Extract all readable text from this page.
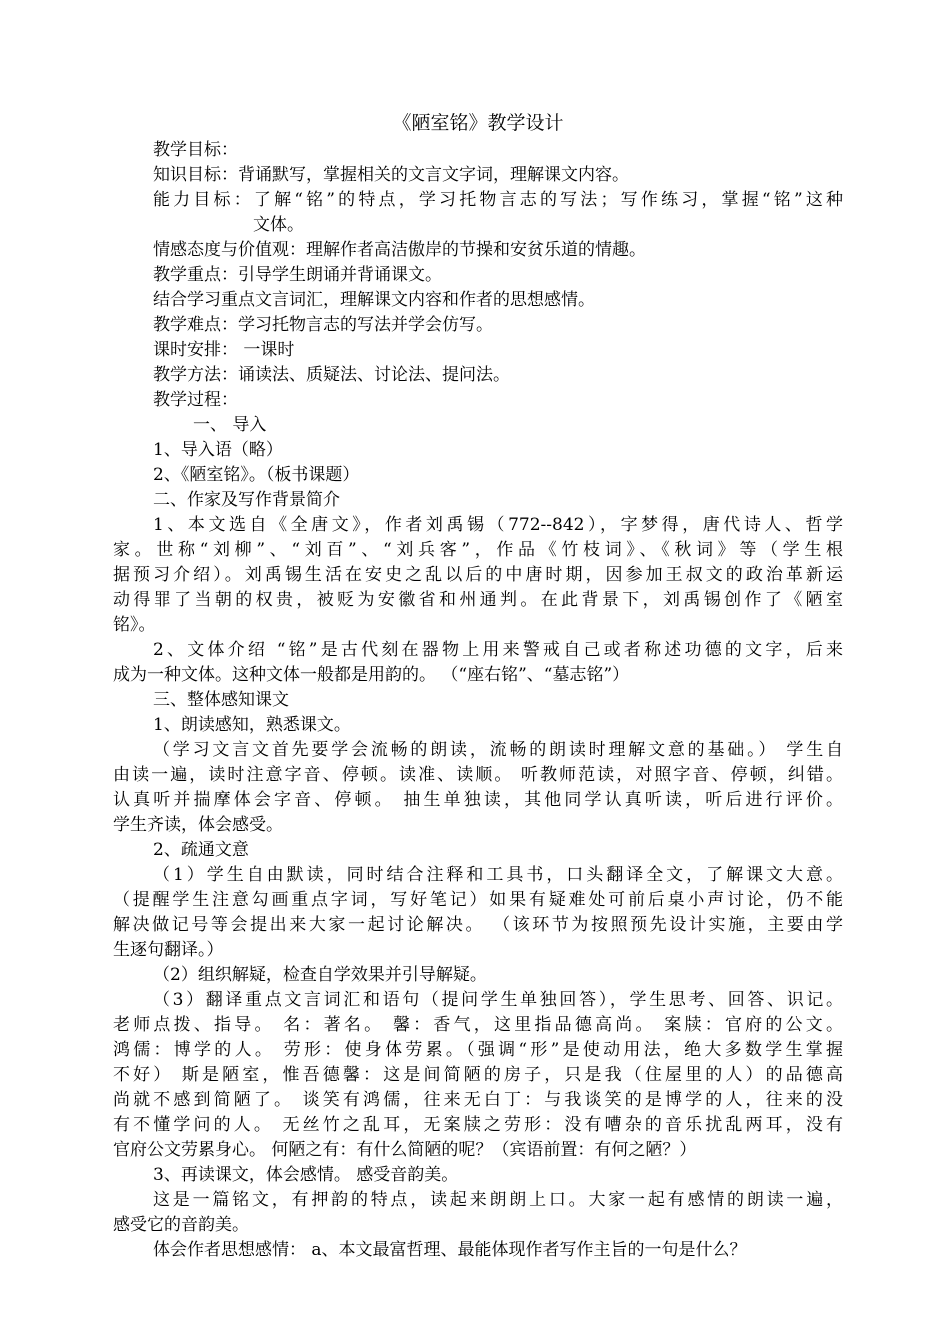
《陋室铭》教学设计
教学目标：
知识目标：背诵默写，掌握相关的文言文字词，理解课文内容。
能力目标：了解“铭”的特点，学习托物言志的写法；写作练习，掌握“铭”这种
文体。
情感态度与价值观：理解作者高洁傲岸的节操和安贫乐道的情趣。
教学重点：引导学生朗诵并背诵课文。
结合学习重点文言词汇，理解课文内容和作者的思想感情。
教学难点：学习托物言志的写法并学会仿写。
课时安排： 一课时
教学方法：诵读法、质疑法、讨论法、提问法。
教学过程：
一、 导入
1、导入语（略）
2、《陋室铭》。（板书课题）
二、作家及写作背景简介
1、本文选自《全唐文》，作者刘禹锡（772--842），字梦得，唐代诗人、哲学
家。世称“刘柳”、“刘百”、“刘兵客”，作品《竹枝词》、《秋词》等（学生根
据预习介绍）。刘禹锡生活在安史之乱以后的中唐时期，因参加王叔文的政治革新运
动得罪了当朝的权贵，被贬为安徽省和州通判。在此背景下，刘禹锡创作了《陋室
铭》。
2、文体介绍 “铭”是古代刻在器物上用来警戒自己或者称述功德的文字，后来
成为一种文体。这种文体一般都是用韵的。 （“座右铭”、“墓志铭”）
三、整体感知课文
1、朗读感知，熟悉课文。
（学习文言文首先要学会流畅的朗读，流畅的朗读时理解文意的基础。） 学生自
由读一遍，读时注意字音、停顿。读准、读顺。 听教师范读，对照字音、停顿，纠错。
认真听并揣摩体会字音、停顿。 抽生单独读，其他同学认真听读，听后进行评价。
学生齐读，体会感受。
2、疏通文意
（1）学生自由默读，同时结合注释和工具书，口头翻译全文，了解课文大意。
（提醒学生注意勾画重点字词，写好笔记）如果有疑难处可前后桌小声讨论，仍不能
解决做记号等会提出来大家一起讨论解决。 （该环节为按照预先设计实施，主要由学
生逐句翻译。）
（2）组织解疑，检查自学效果并引导解疑。
（3）翻译重点文言词汇和语句（提问学生单独回答），学生思考、回答、识记。
老师点拨、指导。 名：著名。 馨：香气，这里指品德高尚。 案牍：官府的公文。
鸿儒：博学的人。 劳形：使身体劳累。（强调“形”是使动用法，绝大多数学生掌握
不好） 斯是陋室，惟吾德馨：这是间简陋的房子，只是我（住屋里的人）的品德高
尚就不感到简陋了。 谈笑有鸿儒，往来无白丁：与我谈笑的是博学的人，往来的没
有不懂学问的人。 无丝竹之乱耳，无案牍之劳形：没有嘈杂的音乐扰乱两耳，没有
官府公文劳累身心。 何陋之有：有什么简陋的呢？（宾语前置：有何之陋？）
3、再读课文，体会感情。 感受音韵美。
这是一篇铭文，有押韵的特点，读起来朗朗上口。大家一起有感情的朗读一遍，
感受它的音韵美。
体会作者思想感情： a、本文最富哲理、最能体现作者写作主旨的一句是什么？
